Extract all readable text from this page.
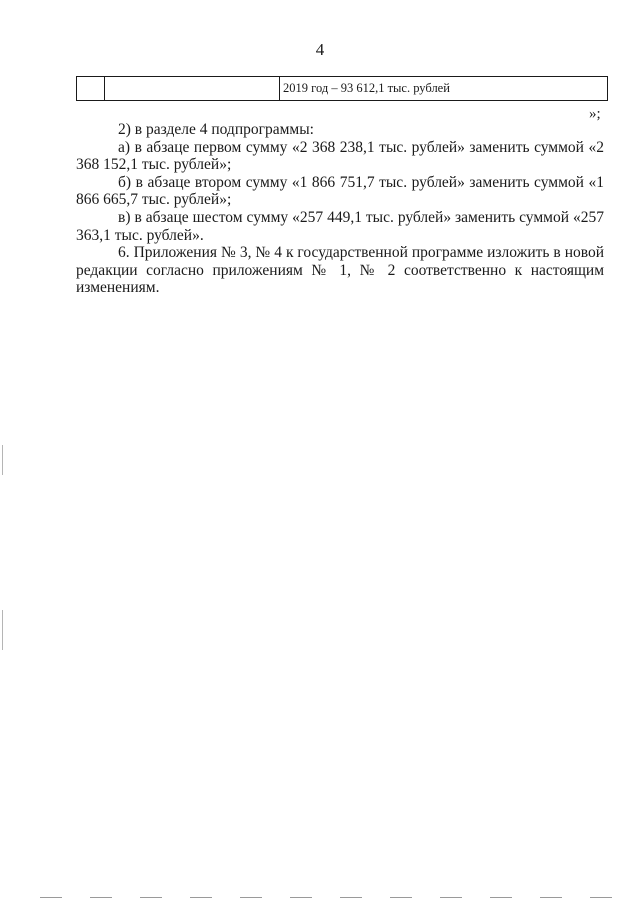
4
2019 год – 93 612,1 тыс. рублей
»;

2) в разделе 4 подпрограммы:

а) в абзаце первом сумму «2 368 238,1 тыс. рублей» заменить суммой «2 368 152,1 тыс. рублей»;

б) в абзаце втором сумму «1 866 751,7 тыс. рублей» заменить суммой «1 866 665,7 тыс. рублей»;

в) в абзаце шестом сумму «257 449,1 тыс. рублей» заменить суммой «257 363,1 тыс. рублей».

6. Приложения № 3, № 4 к государственной программе изложить в новой редакции согласно приложениям № 1, № 2 соответственно к настоящим изменениям.
